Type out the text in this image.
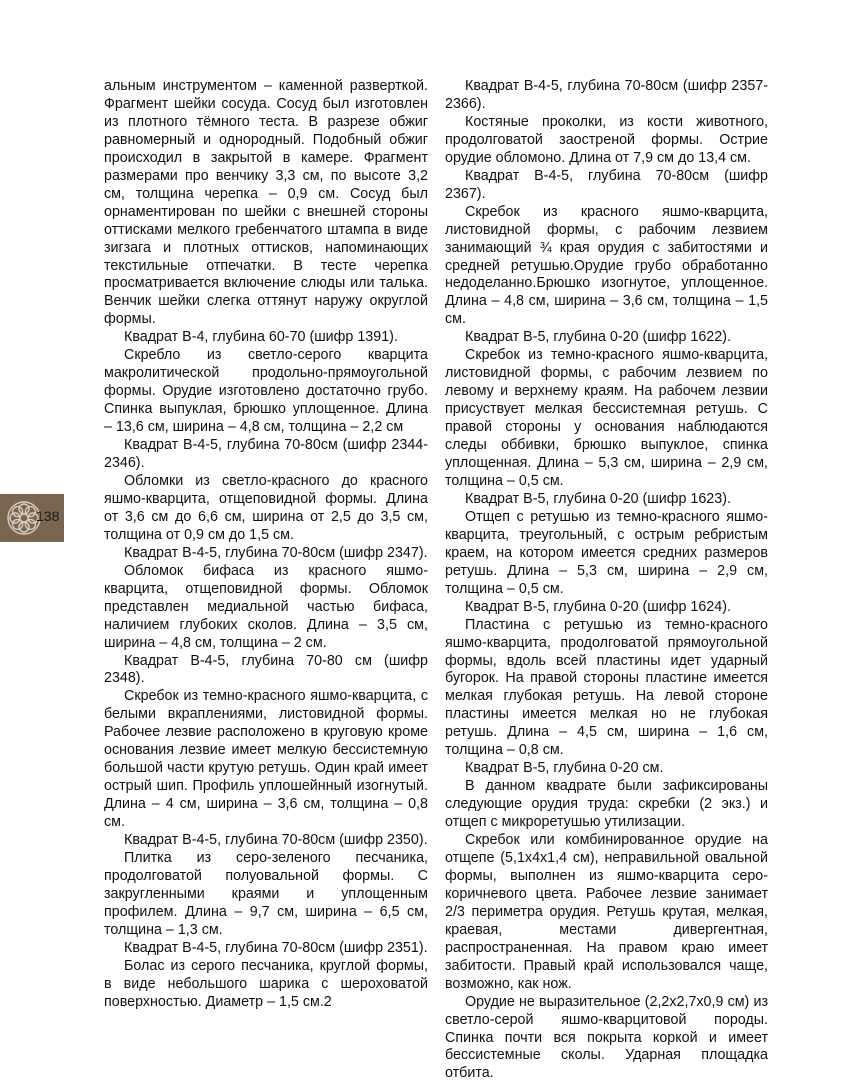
138

альным инструментом – каменной разверткой. Фрагмент шейки сосуда. Сосуд был изготовлен из плотного тёмного теста. В разрезе обжиг равномерный и однородный. Подобный обжиг происходил в закрытой в камере. Фрагмент размерами про венчику 3,3 см, по высоте 3,2 см, толщина черепка – 0,9 см. Сосуд был орнаментирован по шейки с внешней стороны оттисками мелкого гребенчатого штампа в виде зигзага и плотных оттисков, напоминающих текстильные отпечатки. В тесте черепка просматривается включение слюды или талька. Венчик шейки слегка оттянут наружу округлой формы.

Квадрат В-4, глубина 60-70 (шифр 1391).

Скребло из светло-серого кварцита макролитической продольно-прямоугольной формы. Орудие изготовлено достаточно грубо. Спинка выпуклая, брюшко уплощенное. Длина – 13,6 см, ширина – 4,8 см, толщина – 2,2 см

Квадрат В-4-5, глубина 70-80см (шифр 2344-2346).

Обломки из светло-красного до красного яшмо-кварцита, отщеповидной формы. Длина от 3,6 см до 6,6 см, ширина от 2,5 до 3,5 см, толщина от 0,9 см до 1,5 см.

Квадрат В-4-5, глубина 70-80см (шифр 2347).

Обломок бифаса из красного яшмо-кварцита, отщеповидной формы. Обломок представлен медиальной частью бифаса, наличием глубоких сколов. Длина – 3,5 см, ширина – 4,8 см, толщина – 2 см.

Квадрат В-4-5, глубина 70-80 см (шифр 2348).

Скребок из темно-красного яшмо-кварцита, с белыми вкраплениями, листовидной формы. Рабочее лезвие расположено в круговую кроме основания лезвие имеет мелкую бессистемную большой части крутую ретушь. Один край имеет острый шип. Профиль уплошейнный изогнутый. Длина – 4 см, ширина – 3,6 см, толщина – 0,8 см.

Квадрат В-4-5, глубина 70-80см (шифр 2350).

Плитка из серо-зеленого песчаника, продолговатой полуовальной формы. С закругленными краями и уплощенным профилем. Длина – 9,7 см, ширина – 6,5 см, толщина – 1,3 см.

Квадрат В-4-5, глубина 70-80см (шифр 2351).

Болас из серого песчаника, круглой формы, в виде небольшого шарика с шероховатой поверхностью. Диаметр – 1,5 см.2

Квадрат В-4-5, глубина 70-80см (шифр 2357-2366).

Костяные проколки, из кости животного, продолговатой заостреной формы. Острие орудие обломоно. Длина от 7,9 см до 13,4 см.

Квадрат В-4-5, глубина 70-80см (шифр 2367).

Скребок из красного яшмо-кварцита, листовидной формы, с рабочим лезвием занимающий ¾ края орудия с забитостями и средней ретушью.Орудие грубо обработанно недоделанно.Брюшко изогнутое, уплощенное. Длина – 4,8 см, ширина – 3,6 см, толщина – 1,5 см.

Квадрат В-5, глубина 0-20 (шифр 1622).

Скребок из темно-красного яшмо-кварцита, листовидной формы, с рабочим лезвием по левому и верхнему краям. На рабочем лезвии присуствует мелкая бессистемная ретушь. С правой стороны у основания наблюдаются следы оббивки, брюшко выпуклое, спинка уплощенная. Длина – 5,3 см, ширина – 2,9 см, толщина – 0,5 см.

Квадрат В-5, глубина 0-20 (шифр 1623).

Отщеп с ретушью из темно-красного яшмо-кварцита, треугольный, с острым ребристым краем, на котором имеется средних размеров ретушь. Длина – 5,3 см, ширина – 2,9 см, толщина – 0,5 см.

Квадрат В-5, глубина 0-20 (шифр 1624).

Пластина с ретушью из темно-красного яшмо-кварцита, продолговатой прямоугольной формы, вдоль всей пластины идет ударный бугорок. На правой стороны пластине имеется мелкая глубокая ретушь. На левой стороне пластины имеется мелкая но не глубокая ретушь. Длина – 4,5 см, ширина – 1,6 см, толщина – 0,8 см.

Квадрат В-5, глубина 0-20 см.

В данном квадрате были зафиксированы следующие орудия труда: скребки (2 экз.) и отщеп с микроретушью утилизации.

Скребок или комбинированное орудие на отщепе (5,1х4х1,4 см), неправильной овальной формы, выполнен из яшмо-кварцита серо-коричневого цвета. Рабочее лезвие занимает 2/3 периметра орудия. Ретушь крутая, мелкая, краевая, местами дивергентная, распространенная. На правом краю имеет забитости. Правый край использовался чаще, возможно, как нож.

Орудие не выразительное (2,2х2,7х0,9 см) из светло-серой яшмо-кварцитовой породы. Спинка почти вся покрыта коркой и имеет бессистемные сколы. Ударная площадка отбита.
